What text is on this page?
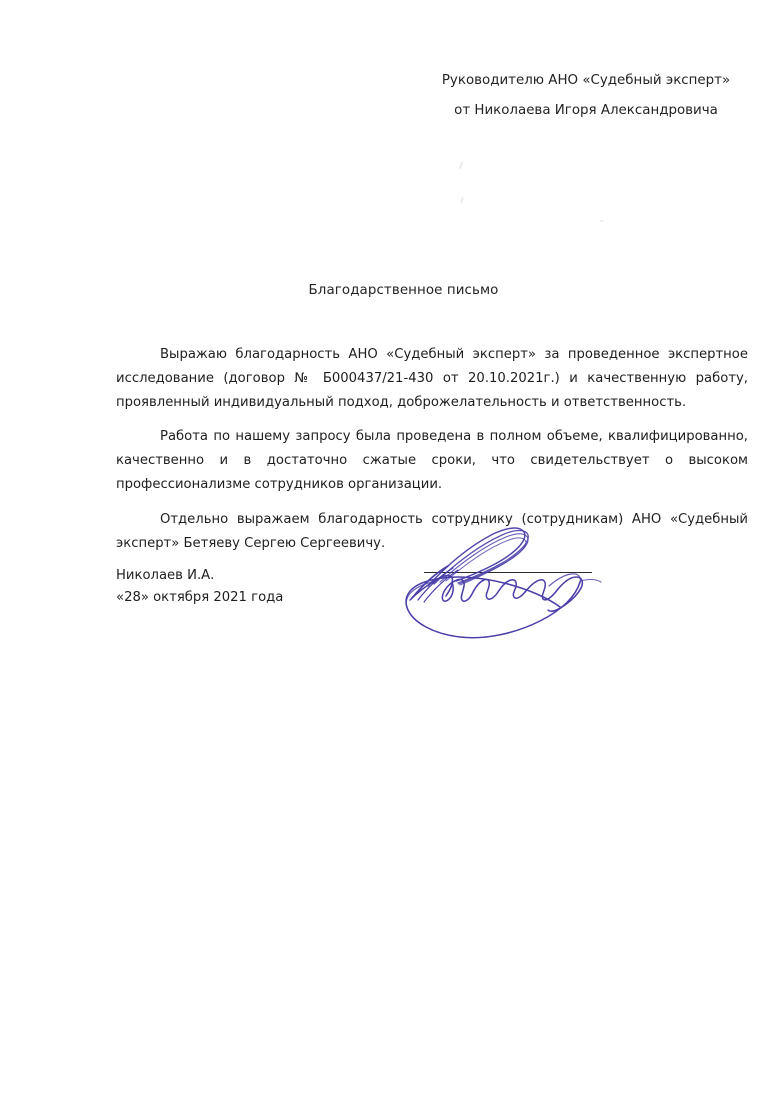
Руководителю АНО «Судебный эксперт»
от Николаева Игоря Александровича
Благодарственное письмо

Выражаю благодарность АНО «Судебный эксперт» за проведенное экспертное исследование (договор № Б000437/21-430 от 20.10.2021г.) и качественную работу, проявленный индивидуальный подход, доброжелательность и ответственность.

Работа по нашему запросу была проведена в полном объеме, квалифицированно, качественно и в достаточно сжатые сроки, что свидетельствует о высоком профессионализме сотрудников организации.

Отдельно выражаем благодарность сотруднику (сотрудникам) АНО «Судебный эксперт» Бетяеву Сергею Сергеевичу.

Николаев И.А.
«28» октября 2021 года
